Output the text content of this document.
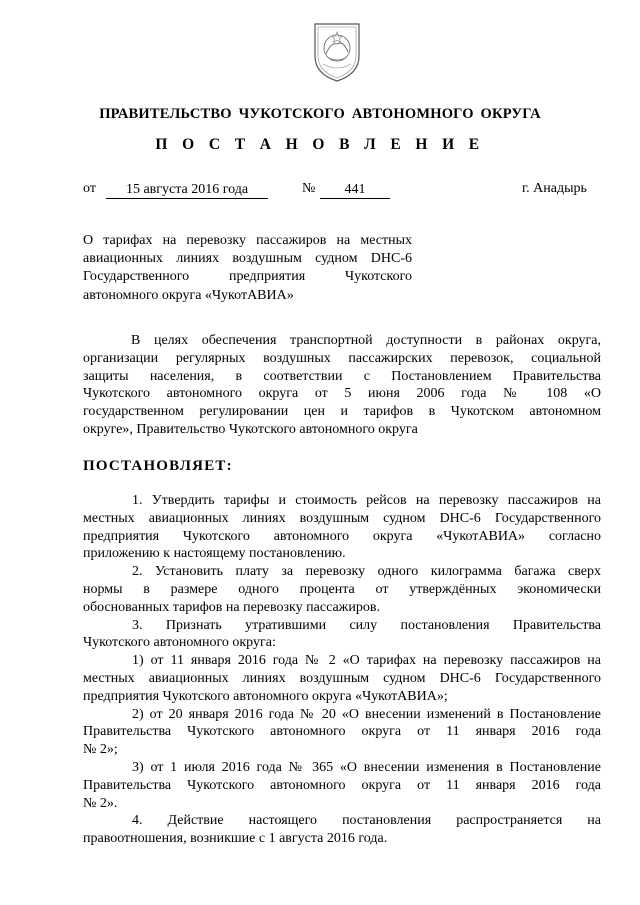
ПРАВИТЕЛЬСТВО ЧУКОТСКОГО АВТОНОМНОГО ОКРУГА
П О С Т А Н О В Л Е Н И Е
от	15 августа 2016 года	№	441	г. Анадырь
О тарифах на перевозку пассажиров на местных
авиационных линиях воздушным судном DHC-6
Государственного предприятия Чукотского
автономного округа «ЧукотАВИА»
В целях обеспечения транспортной доступности в районах округа,
организации регулярных воздушных пассажирских перевозок, социальной
защиты населения, в соответствии с Постановлением Правительства
Чукотского автономного округа от 5 июня 2006 года № 108 «О
государственном регулировании цен и тарифов в Чукотском автономном
округе», Правительство Чукотского автономного округа
ПОСТАНОВЛЯЕТ:
1. Утвердить тарифы и стоимость рейсов на перевозку пассажиров на
местных авиационных линиях воздушным судном DHC-6 Государственного
предприятия Чукотского автономного округа «ЧукотАВИА» согласно
приложению к настоящему постановлению.
2. Установить плату за перевозку одного килограмма багажа сверх
нормы в размере одного процента от утверждённых экономически
обоснованных тарифов на перевозку пассажиров.
3. Признать утратившими силу постановления Правительства
Чукотского автономного округа:
1) от 11 января 2016 года № 2 «О тарифах на перевозку пассажиров на
местных авиационных линиях воздушным судном DHC-6 Государственного
предприятия Чукотского автономного округа «ЧукотАВИА»;
2) от 20 января 2016 года № 20 «О внесении изменений в Постановление
Правительства Чукотского автономного округа от 11 января 2016 года
№ 2»;
3) от 1 июля 2016 года № 365 «О внесении изменения в Постановление
Правительства Чукотского автономного округа от 11 января 2016 года
№ 2».
4. Действие настоящего постановления распространяется на
правоотношения, возникшие с 1 августа 2016 года.
